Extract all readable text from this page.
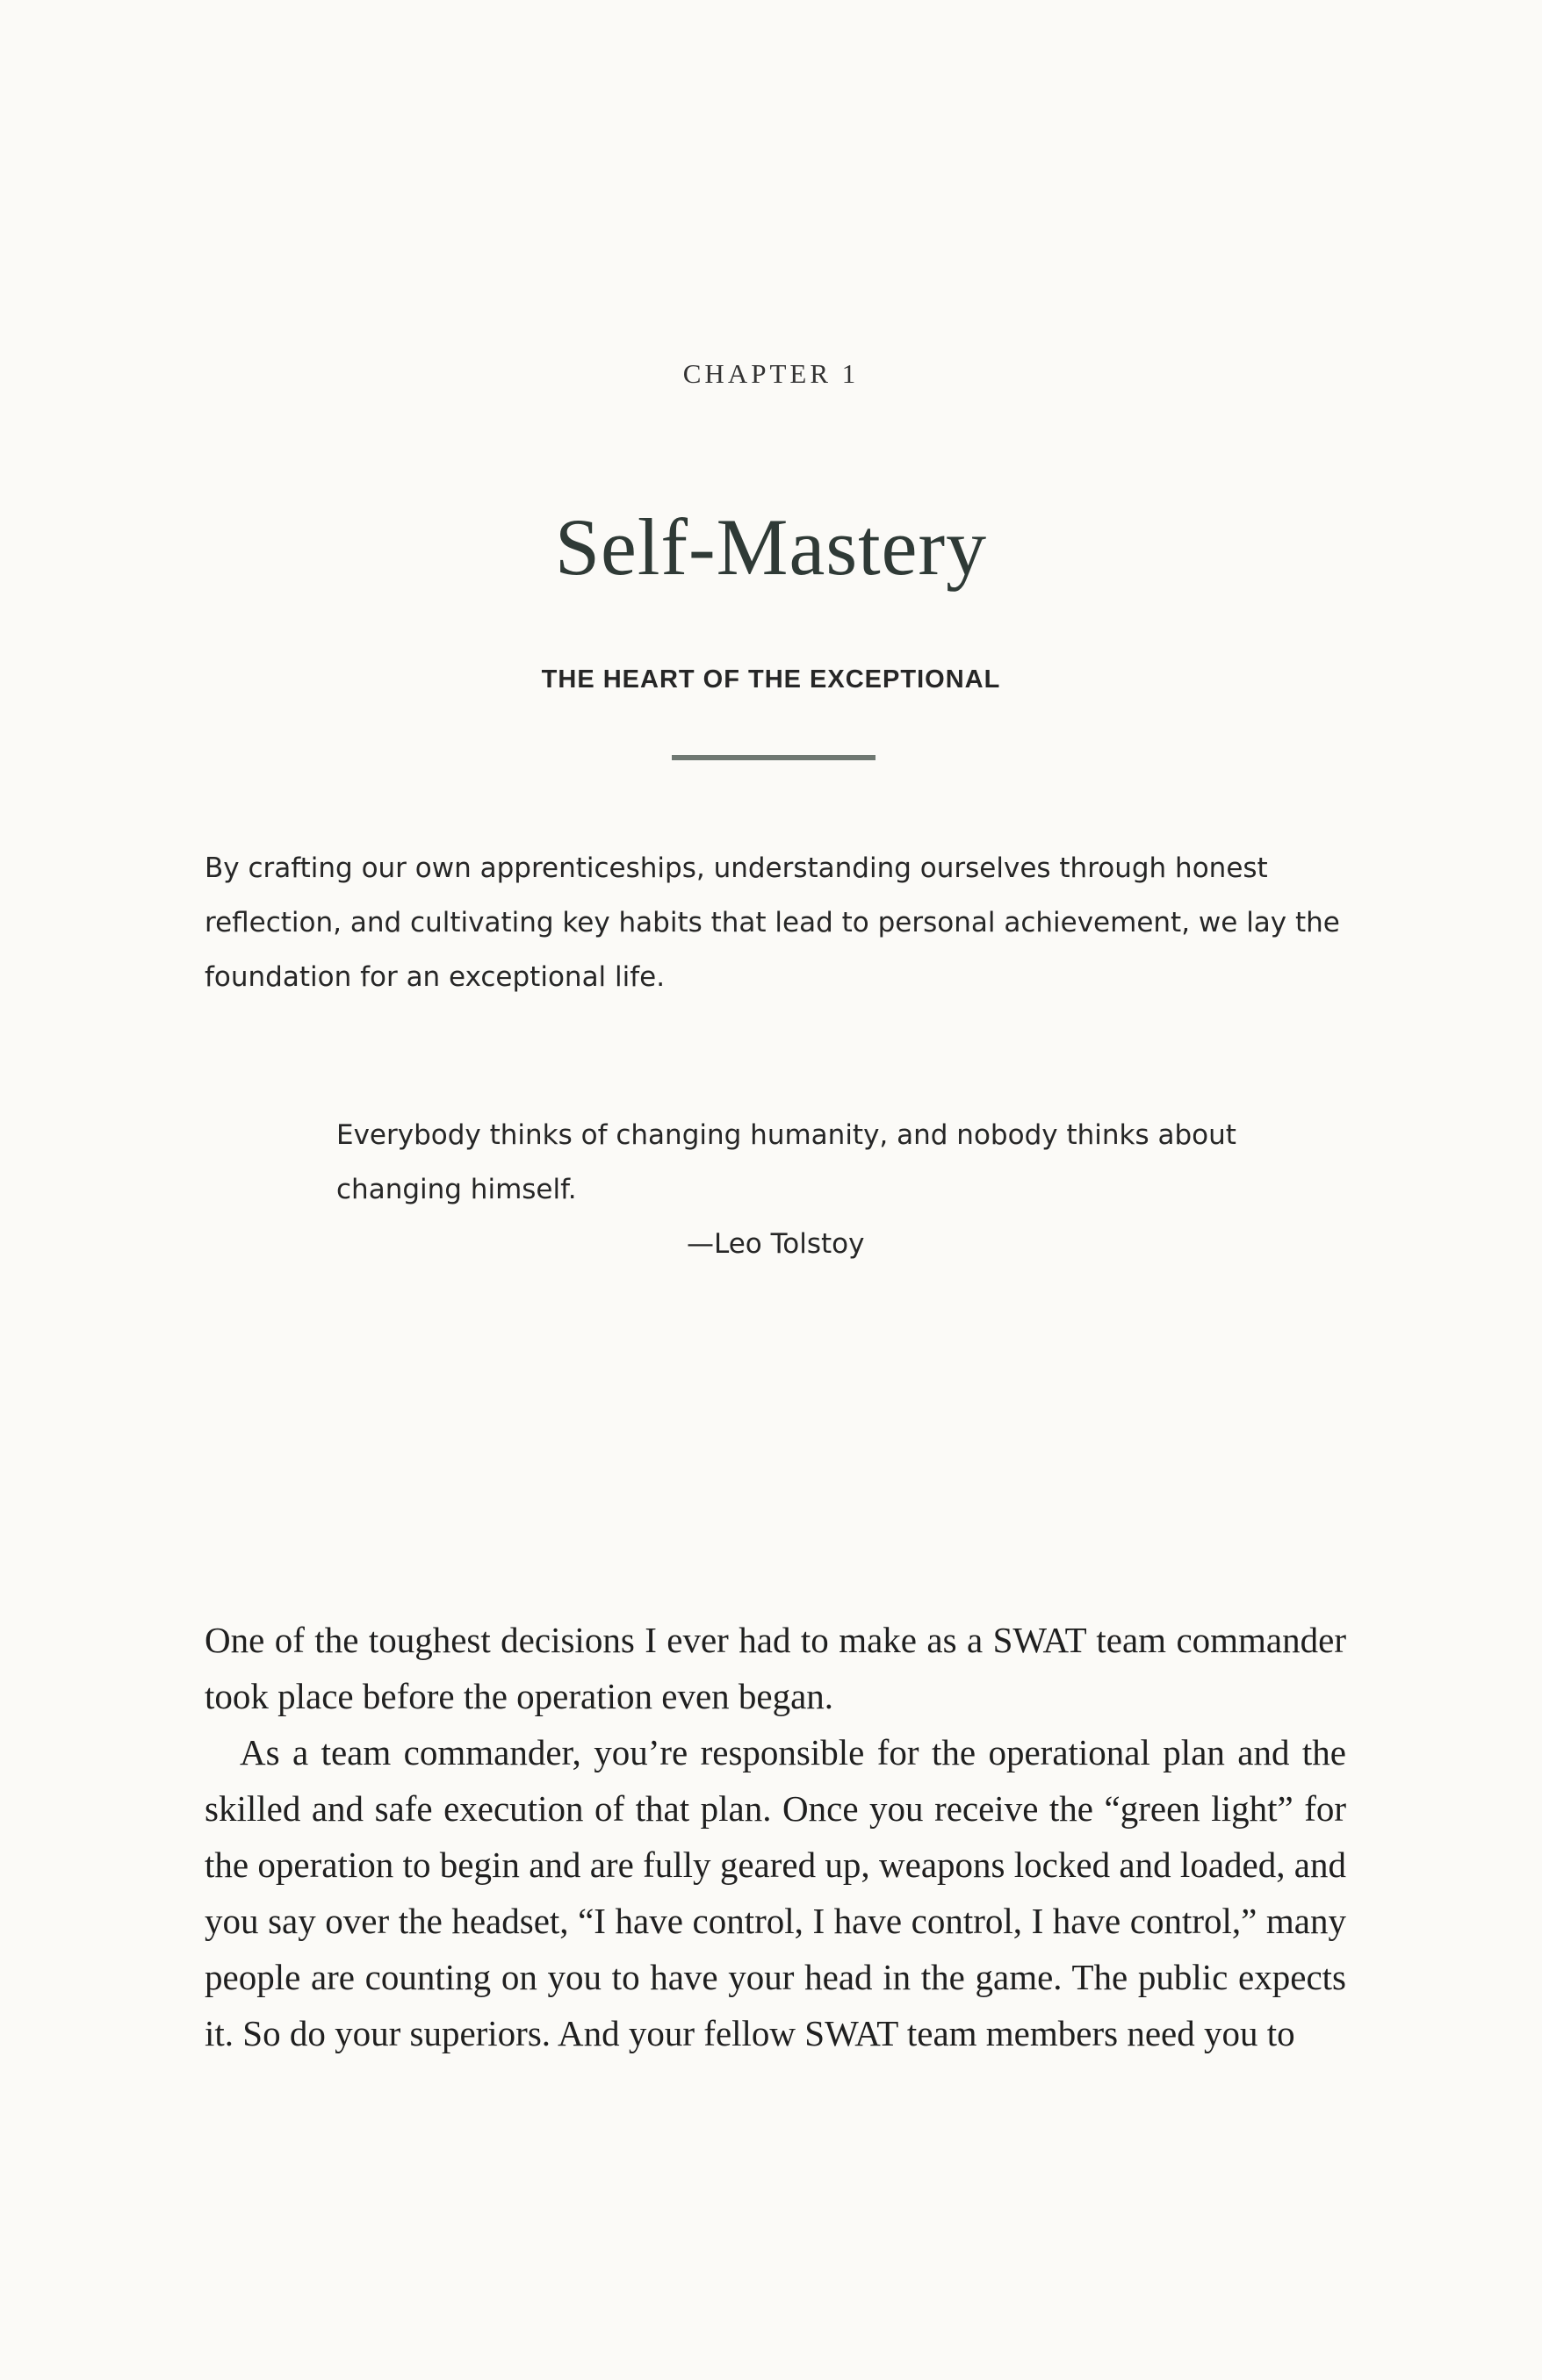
CHAPTER 1
Self-Mastery
THE HEART OF THE EXCEPTIONAL
By crafting our own apprenticeships, understanding ourselves through honest reflection, and cultivating key habits that lead to personal achievement, we lay the foundation for an exceptional life.
Everybody thinks of changing humanity, and nobody thinks about changing himself.
—Leo Tolstoy

One of the toughest decisions I ever had to make as a SWAT team commander took place before the operation even began.

As a team commander, you’re responsible for the operational plan and the skilled and safe execution of that plan. Once you receive the “green light” for the operation to begin and are fully geared up, weapons locked and loaded, and you say over the headset, “I have control, I have control, I have control,” many people are counting on you to have your head in the game. The public expects it. So do your superiors. And your fellow SWAT team members need you to
